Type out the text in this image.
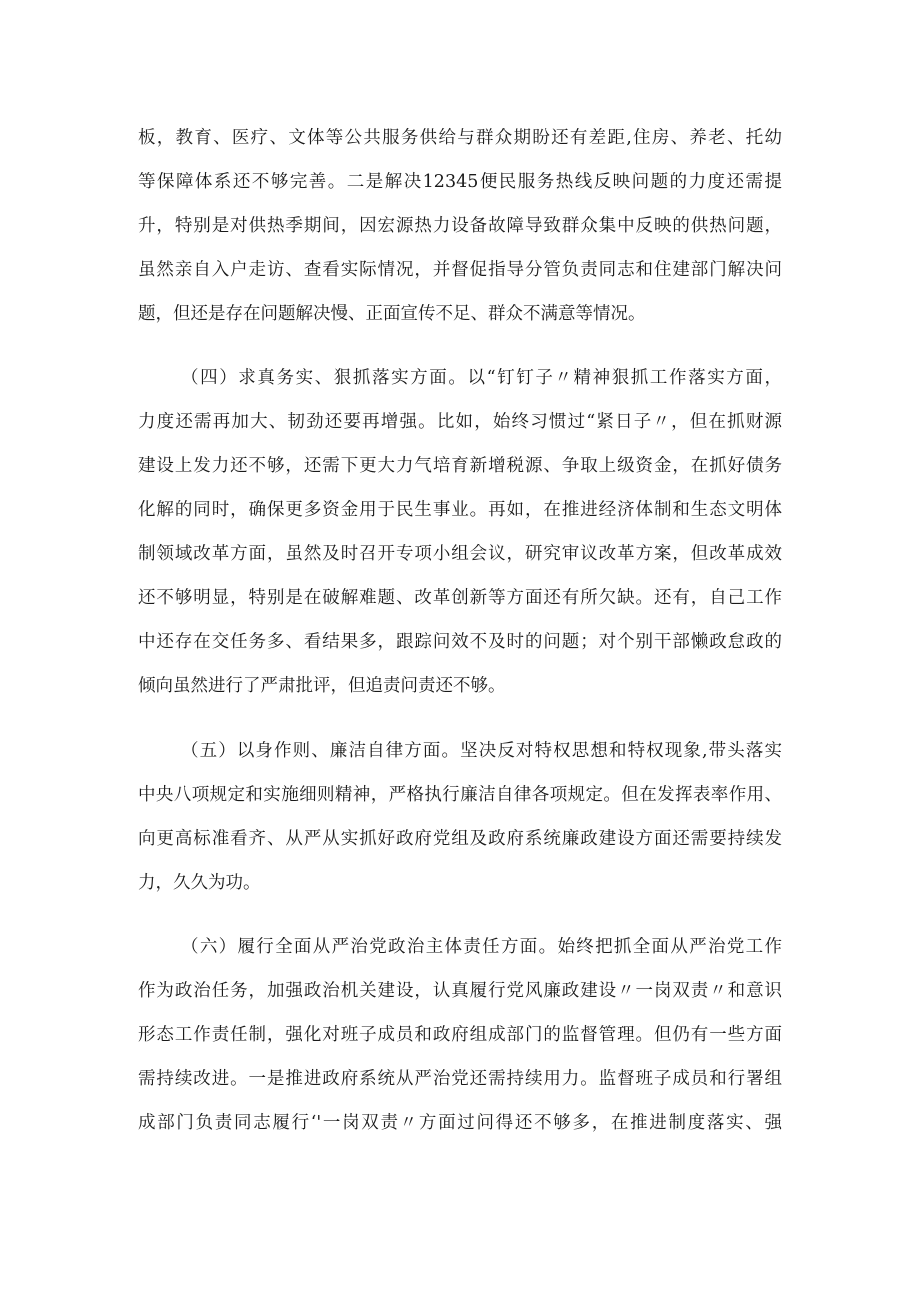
板，教育、医疗、文体等公共服务供给与群众期盼还有差距,住房、养老、托幼
等保障体系还不够完善。二是解决12345便民服务热线反映问题的力度还需提
升，特别是对供热季期间，因宏源热力设备故障导致群众集中反映的供热问题，
虽然亲自入户走访、查看实际情况，并督促指导分管负责同志和住建部门解决问
题，但还是存在问题解决慢、正面宣传不足、群众不满意等情况。
（四）求真务实、狠抓落实方面。以“钉钉子〃精神狠抓工作落实方面，
力度还需再加大、韧劲还要再增强。比如，始终习惯过“紧日子〃，但在抓财源
建设上发力还不够，还需下更大力气培育新增税源、争取上级资金，在抓好债务
化解的同时，确保更多资金用于民生事业。再如，在推进经济体制和生态文明体
制领域改革方面，虽然及时召开专项小组会议，研究审议改革方案，但改革成效
还不够明显，特别是在破解难题、改革创新等方面还有所欠缺。还有，自己工作
中还存在交任务多、看结果多，跟踪问效不及时的问题；对个别干部懒政怠政的
倾向虽然进行了严肃批评，但追责问责还不够。
（五）以身作则、廉洁自律方面。坚决反对特权思想和特权现象,带头落实
中央八项规定和实施细则精神，严格执行廉洁自律各项规定。但在发挥表率作用、
向更高标准看齐、从严从实抓好政府党组及政府系统廉政建设方面还需要持续发
力，久久为功。
（六）履行全面从严治党政治主体责任方面。始终把抓全面从严治党工作
作为政治任务，加强政治机关建设，认真履行党风廉政建设〃一岗双责〃和意识
形态工作责任制，强化对班子成员和政府组成部门的监督管理。但仍有一些方面
需持续改进。一是推进政府系统从严治党还需持续用力。监督班子成员和行署组
成部门负责同志履行‘'一岗双责〃方面过问得还不够多，在推进制度落实、强
